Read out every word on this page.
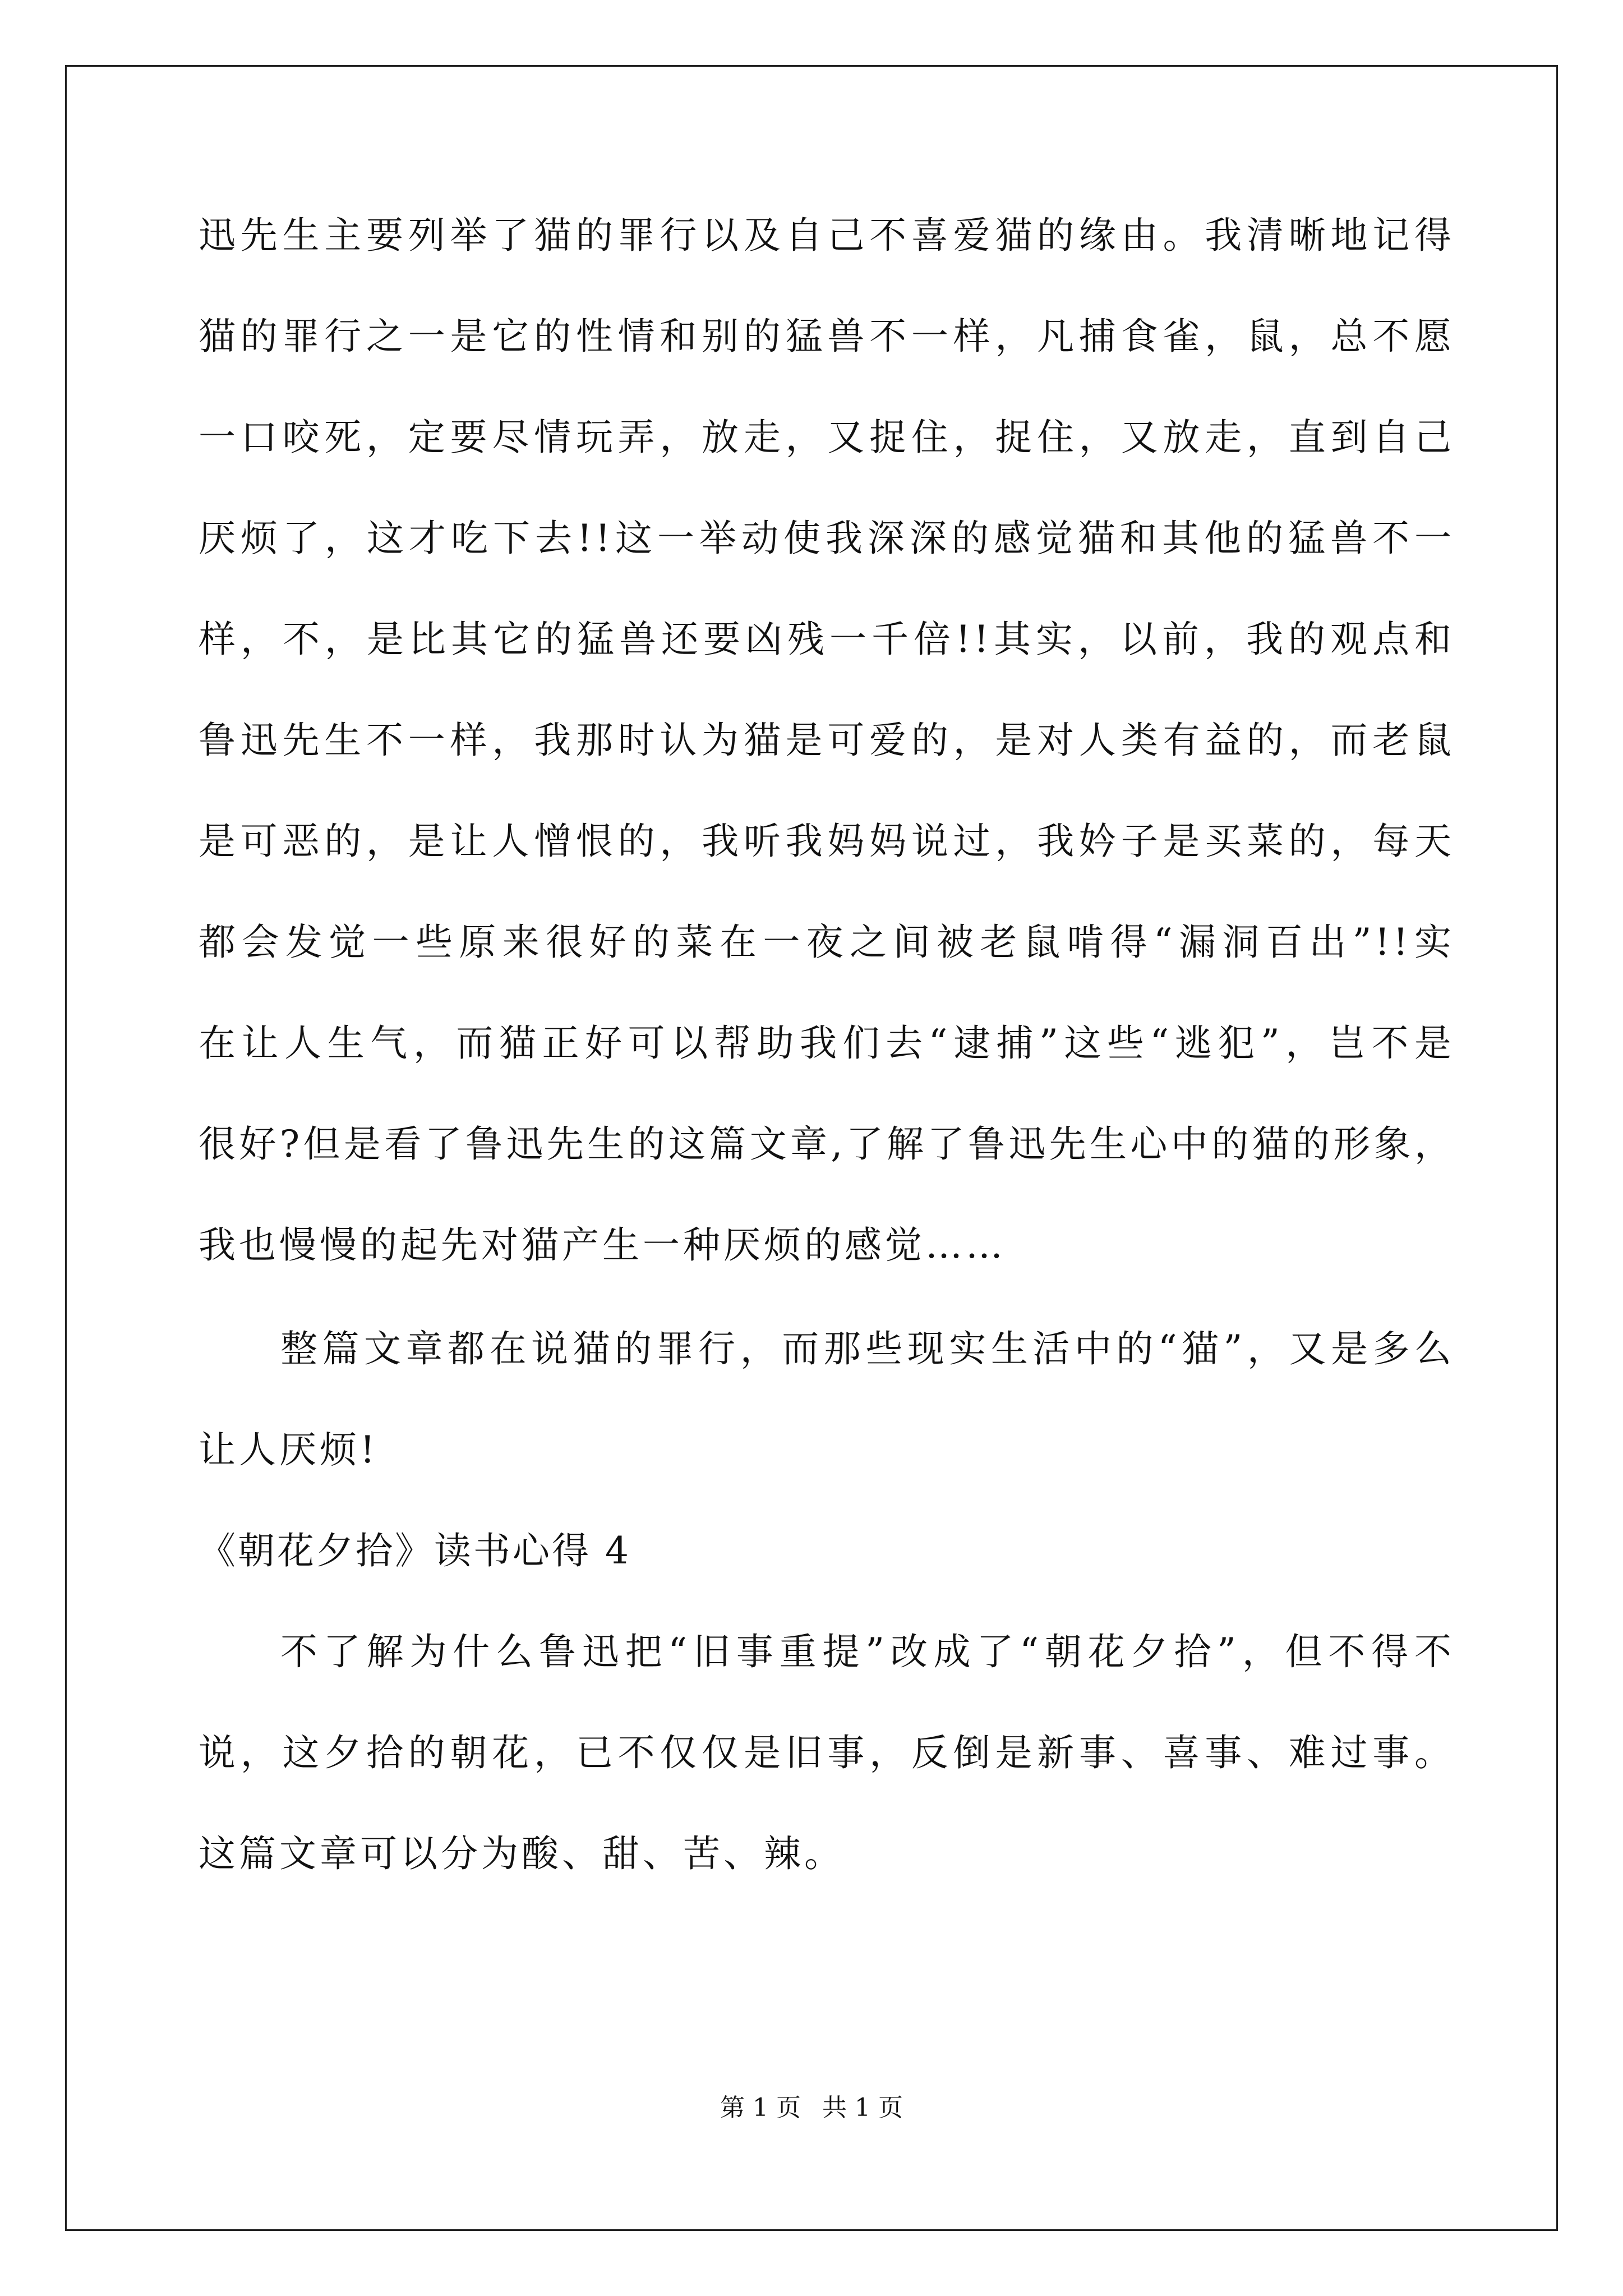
迅先生主要列举了猫的罪行以及自己不喜爱猫的缘由。我清晰地记得
猫的罪行之一是它的性情和别的猛兽不一样，凡捕食雀，鼠，总不愿
一口咬死，定要尽情玩弄，放走，又捉住，捉住，又放走，直到自己
厌烦了，这才吃下去!!这一举动使我深深的感觉猫和其他的猛兽不一
样，不，是比其它的猛兽还要凶残一千倍!!其实，以前，我的观点和
鲁迅先生不一样，我那时认为猫是可爱的，是对人类有益的，而老鼠
是可恶的，是让人憎恨的，我听我妈妈说过，我妗子是买菜的，每天
都会发觉一些原来很好的菜在一夜之间被老鼠啃得“漏洞百出”!!实
在让人生气，而猫正好可以帮助我们去“逮捕”这些“逃犯”，岂不是
很好?但是看了鲁迅先生的这篇文章,了解了鲁迅先生心中的猫的形象，
我也慢慢的起先对猫产生一种厌烦的感觉……
整篇文章都在说猫的罪行，而那些现实生活中的“猫”，又是多么
让人厌烦!
《朝花夕拾》读书心得 4
不了解为什么鲁迅把“旧事重提”改成了“朝花夕拾”，但不得不
说，这夕拾的朝花，已不仅仅是旧事，反倒是新事、喜事、难过事。
这篇文章可以分为酸、甜、苦、辣。
第 1 页 共 1 页
